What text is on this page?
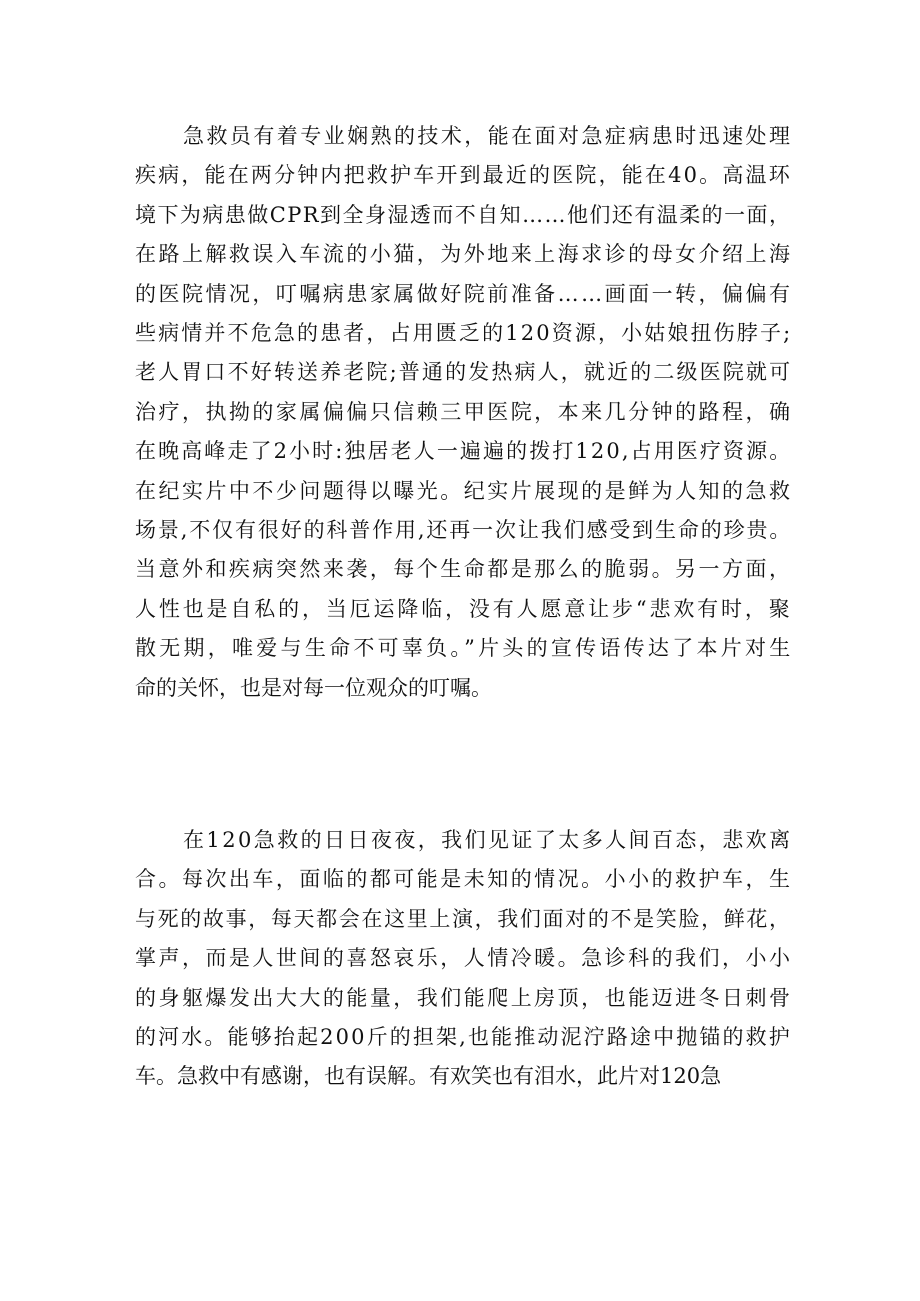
急救员有着专业娴熟的技术，能在面对急症病患时迅速处理
疾病，能在两分钟内把救护车开到最近的医院，能在40。高温环
境下为病患做CPR到全身湿透而不自知……他们还有温柔的一面，
在路上解救误入车流的小猫，为外地来上海求诊的母女介绍上海
的医院情况，叮嘱病患家属做好院前准备……画面一转，偏偏有
些病情并不危急的患者，占用匮乏的120资源，小姑娘扭伤脖子;
老人胃口不好转送养老院;普通的发热病人，就近的二级医院就可
治疗，执拗的家属偏偏只信赖三甲医院，本来几分钟的路程，确
在晚高峰走了2小时:独居老人一遍遍的拨打120,占用医疗资源。
在纪实片中不少问题得以曝光。纪实片展现的是鲜为人知的急救
场景,不仅有很好的科普作用,还再一次让我们感受到生命的珍贵。
当意外和疾病突然来袭，每个生命都是那么的脆弱。另一方面，
人性也是自私的，当厄运降临，没有人愿意让步“悲欢有时，聚
散无期，唯爱与生命不可辜负。”片头的宣传语传达了本片对生
命的关怀，也是对每一位观众的叮嘱。
在120急救的日日夜夜，我们见证了太多人间百态，悲欢离
合。每次出车，面临的都可能是未知的情况。小小的救护车，生
与死的故事，每天都会在这里上演，我们面对的不是笑脸，鲜花，
掌声，而是人世间的喜怒哀乐，人情冷暖。急诊科的我们，小小
的身躯爆发出大大的能量，我们能爬上房顶，也能迈进冬日刺骨
的河水。能够抬起200斤的担架,也能推动泥泞路途中抛锚的救护
车。急救中有感谢，也有误解。有欢笑也有泪水，此片对120急
